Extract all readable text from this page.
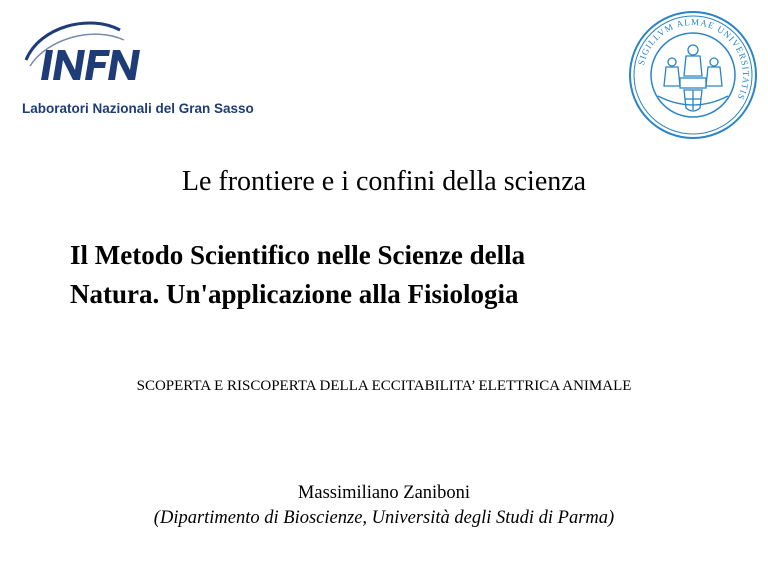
Laboratori Nazionali del Gran Sasso
SIGILLVM ALMAE UNIVERSITATIS
Le frontiere e i confini della scienza
Il Metodo Scientifico nelle Scienze della
Natura. Un'applicazione alla Fisiologia
SCOPERTA E RISCOPERTA DELLA ECCITABILITA’ ELETTRICA ANIMALE
Massimiliano Zaniboni
(Dipartimento di Bioscienze, Università degli Studi di Parma)
